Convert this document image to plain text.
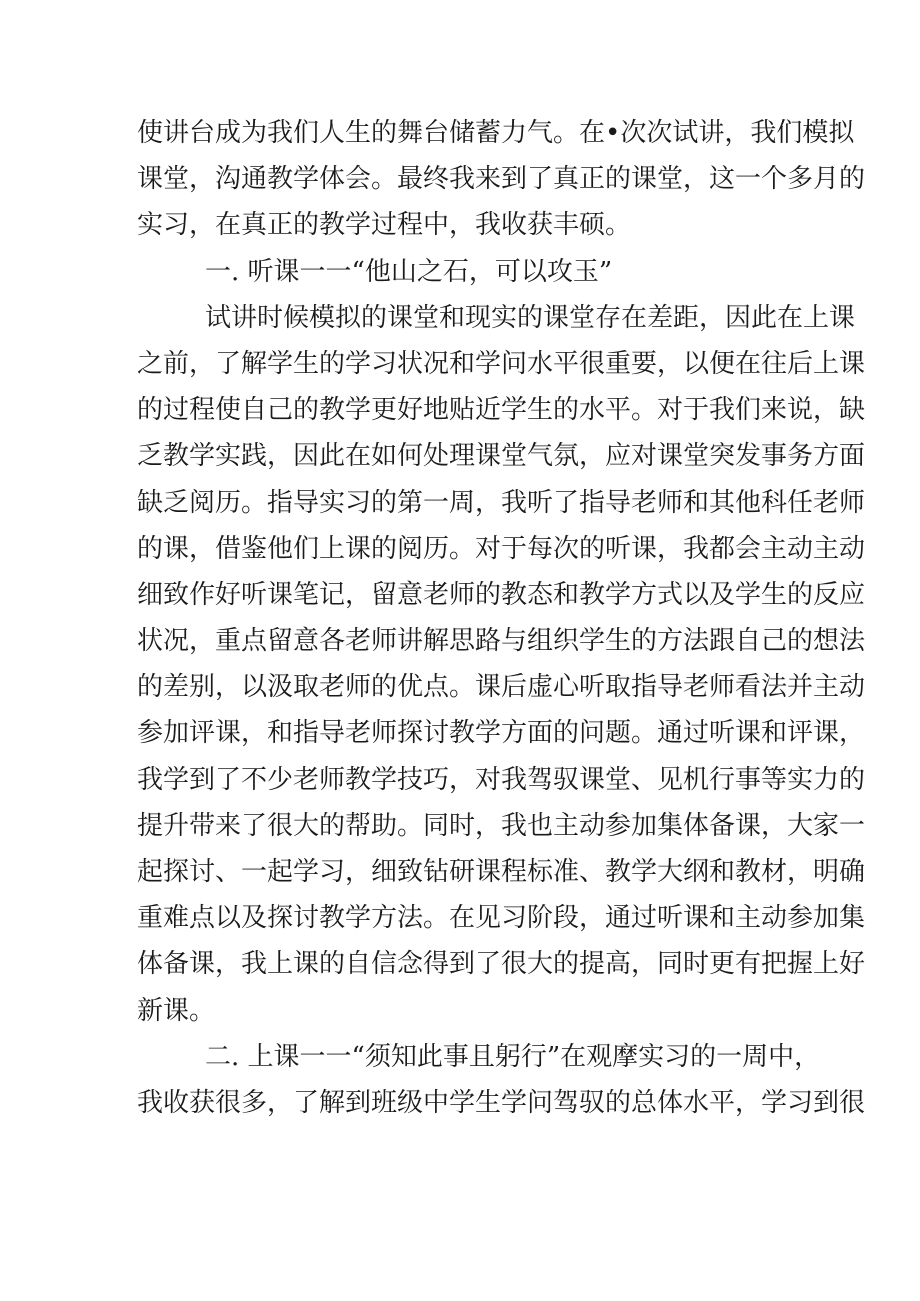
使讲台成为我们人生的舞台储蓄力气。在•次次试讲，我们模拟
课堂，沟通教学体会。最终我来到了真正的课堂，这一个多月的
实习，在真正的教学过程中，我收获丰硕。
一. 听课一一“他山之石，可以攻玉”
试讲时候模拟的课堂和现实的课堂存在差距，因此在上课
之前，了解学生的学习状况和学问水平很重要，以便在往后上课
的过程使自己的教学更好地贴近学生的水平。对于我们来说，缺
乏教学实践，因此在如何处理课堂气氛，应对课堂突发事务方面
缺乏阅历。指导实习的第一周，我听了指导老师和其他科任老师
的课，借鉴他们上课的阅历。对于每次的听课，我都会主动主动
细致作好听课笔记，留意老师的教态和教学方式以及学生的反应
状况，重点留意各老师讲解思路与组织学生的方法跟自己的想法
的差别，以汲取老师的优点。课后虚心听取指导老师看法并主动
参加评课，和指导老师探讨教学方面的问题。通过听课和评课，
我学到了不少老师教学技巧，对我驾驭课堂、见机行事等实力的
提升带来了很大的帮助。同时，我也主动参加集体备课，大家一
起探讨、一起学习，细致钻研课程标准、教学大纲和教材，明确
重难点以及探讨教学方法。在见习阶段，通过听课和主动参加集
体备课，我上课的自信念得到了很大的提高，同时更有把握上好
新课。
二. 上课一一“须知此事且躬行”在观摩实习的一周中，
我收获很多，了解到班级中学生学问驾驭的总体水平，学习到很
